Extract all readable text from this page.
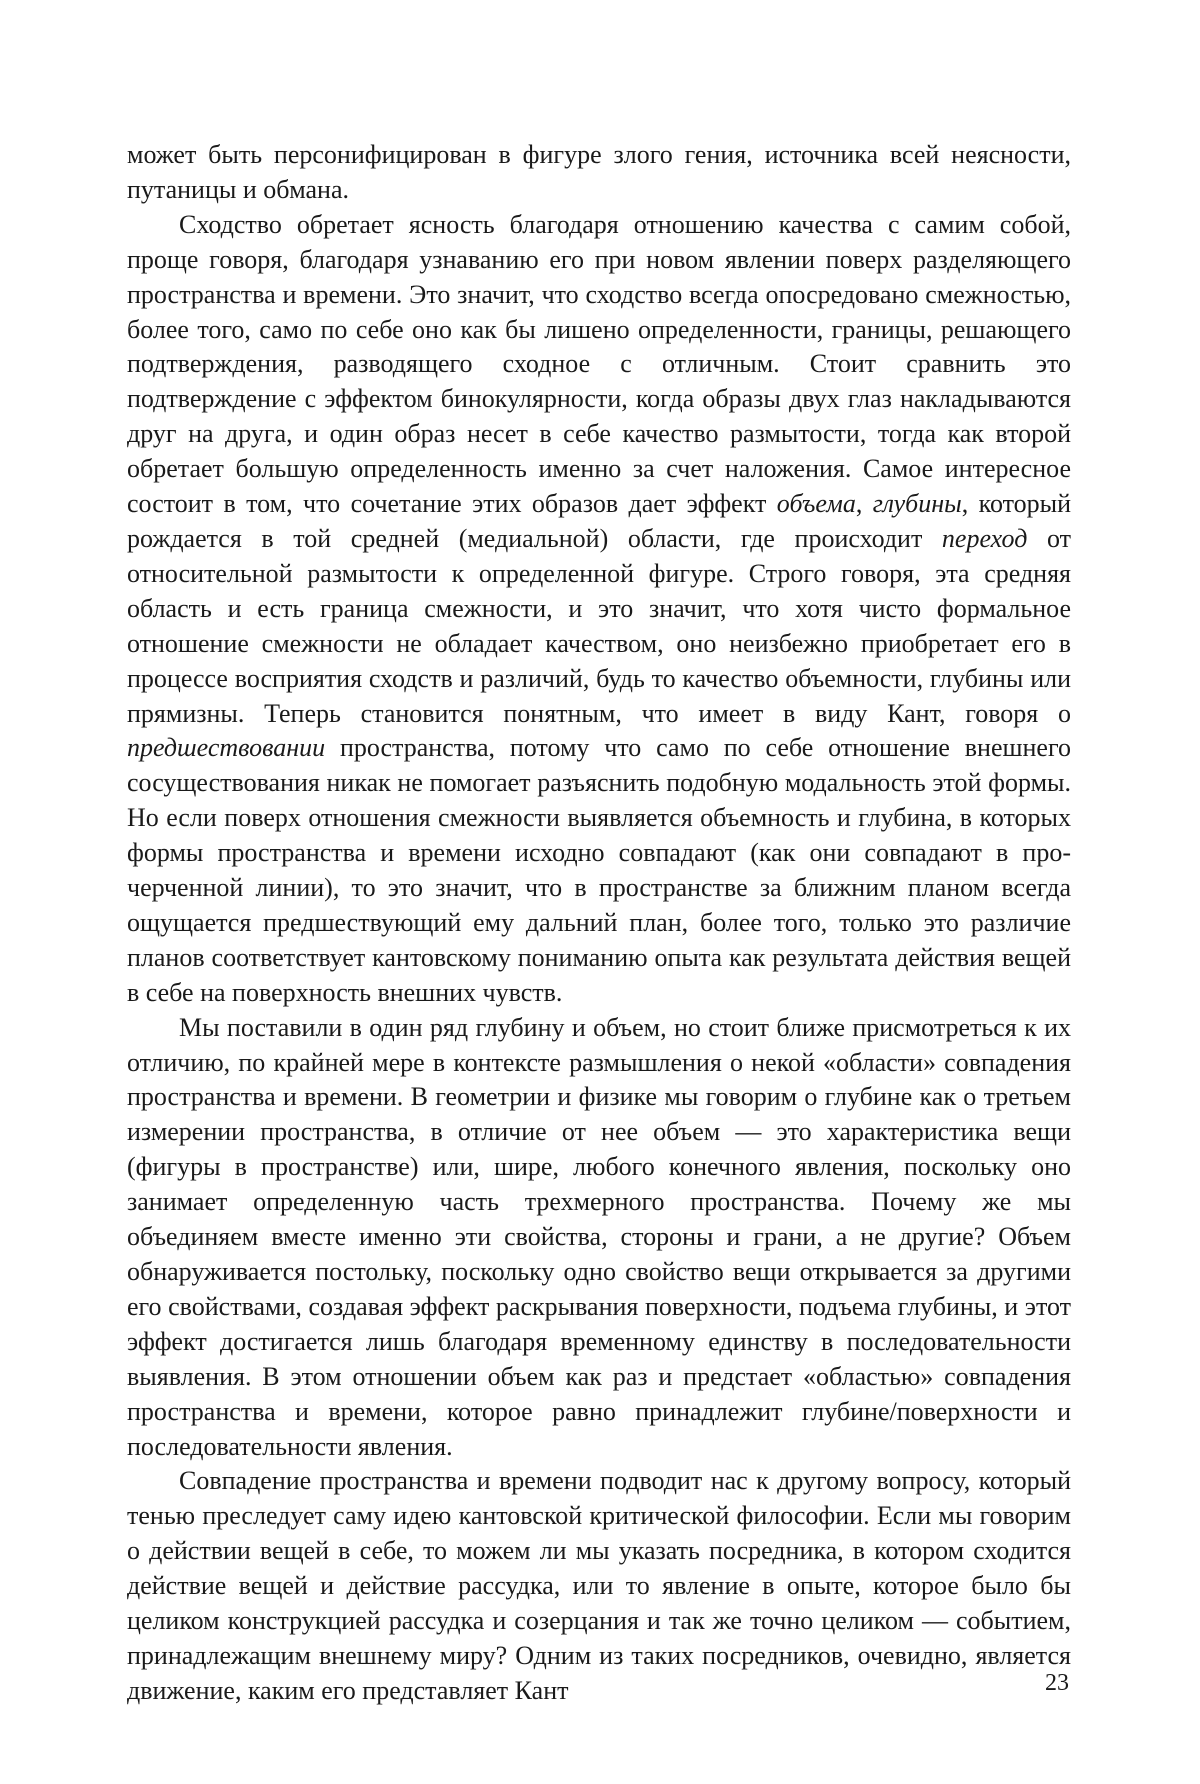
может быть персонифицирован в фигуре злого гения, источника всей неясности, путаницы и обмана.

Сходство обретает ясность благодаря отношению качества с самим собой, проще говоря, благодаря узнаванию его при новом явлении поверх разделяющего пространства и времени. Это значит, что сходство всегда опосредовано смежностью, более того, само по себе оно как бы лишено определенности, границы, решающего подтверждения, разводящего сходное с отличным. Стоит сравнить это подтверждение с эффектом бинокулярности, когда образы двух глаз накладываются друг на друга, и один образ несет в себе качество размытости, тогда как второй обретает большую определенность именно за счет наложения. Самое интересное состоит в том, что сочетание этих образов дает эффект объема, глубины, который рождается в той средней (медиальной) области, где происходит переход от относительной размытости к определенной фигуре. Строго говоря, эта средняя область и есть граница смежности, и это значит, что хотя чисто формальное отношение смежности не обладает качеством, оно неизбежно приобретает его в процессе восприятия сходств и различий, будь то качество объемности, глубины или прямизны. Теперь становится понятным, что имеет в виду Кант, говоря о предшествовании пространства, потому что само по себе отношение внешнего сосуществования никак не помогает разъяснить подобную модальность этой формы. Но если поверх отношения смежности выявляется объемность и глубина, в которых формы пространства и времени исходно совпадают (как они совпадают в прочерченной линии), то это значит, что в пространстве за ближним планом всегда ощущается предшествующий ему дальний план, более того, только это различие планов соответствует кантовскому пониманию опыта как результата действия вещей в себе на поверхность внешних чувств.

Мы поставили в один ряд глубину и объем, но стоит ближе присмотреться к их отличию, по крайней мере в контексте размышления о некой «области» совпадения пространства и времени. В геометрии и физике мы говорим о глубине как о третьем измерении пространства, в отличие от нее объем — это характеристика вещи (фигуры в пространстве) или, шире, любого конечного явления, поскольку оно занимает определенную часть трехмерного пространства. Почему же мы объединяем вместе именно эти свойства, стороны и грани, а не другие? Объем обнаруживается постольку, поскольку одно свойство вещи открывается за другими его свойствами, создавая эффект раскрывания поверхности, подъема глубины, и этот эффект достигается лишь благодаря временному единству в последовательности выявления. В этом отношении объем как раз и предстает «областью» совпадения пространства и времени, которое равно принадлежит глубине/поверхности и последовательности явления.

Совпадение пространства и времени подводит нас к другому вопросу, который тенью преследует саму идею кантовской критической философии. Если мы говорим о действии вещей в себе, то можем ли мы указать посредника, в котором сходится действие вещей и действие рассудка, или то явление в опыте, которое было бы целиком конструкцией рассудка и созерцания и так же точно целиком — событием, принадлежащим внешнему миру? Одним из таких посредников, очевидно, является движение, каким его представляет Кант	23
